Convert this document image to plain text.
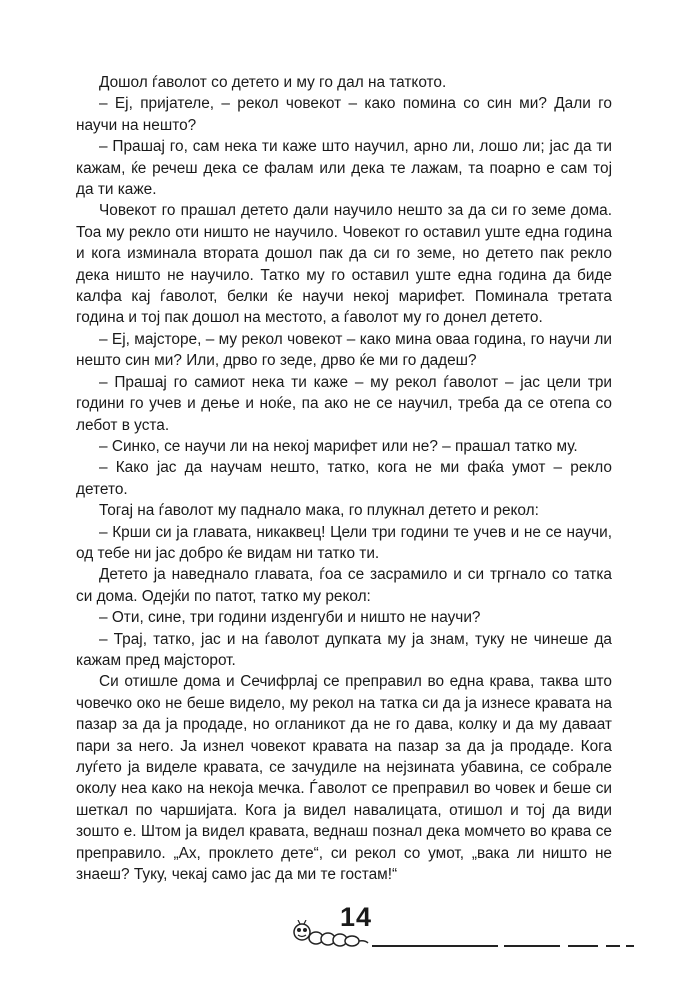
Дошол ѓаволот со детето и му го дал на таткото.

– Еј, пријателе, – рекол човекот – како помина со син ми? Дали го научи на нешто?

– Прашај го, сам нека ти каже што научил, арно ли, лошо ли; јас да ти кажам, ќе речеш дека се фалам или дека те лажам, та поарно е сам тој да ти каже.

Човекот го прашал детето дали научило нешто за да си го земе дома. Тоа му рекло оти ништо не научило. Човекот го оставил уште една година и кога изминала втората дошол пак да си го земе, но детето пак рекло дека ништо не научило. Татко му го оставил уште една година да биде калфа кај ѓаволот, белки ќе научи некој марифет. Поминала третата година и тој пак дошол на местото, а ѓаволот му го донел детето.

– Еј, мајсторе, – му рекол човекот – како мина оваа година, го научи ли нешто син ми? Или, дрво го зеде, дрво ќе ми го дадеш?

– Прашај го самиот нека ти каже – му рекол ѓаволот – јас цели три години го учев и дење и ноќе, па ако не се научил, треба да се отепа со лебот в уста.

– Синко, се научи ли на некој марифет или не? – прашал татко му.

– Како јас да научам нешто, татко, кога не ми фаќа умот – рекло детето.

Тогај на ѓаволот му паднало мака, го плукнал детето и рекол:

– Крши си ја главата, никаквец! Цели три години те учев и не се научи, од тебе ни јас добро ќе видам ни татко ти.

Детето ја наведнало главата, ѓоа се засрамило и си тргнало со татка си дома. Одејќи по патот, татко му рекол:

– Оти, сине, три години изденгуби и ништо не научи?

– Трај, татко, јас и на ѓаволот дупката му ја знам, туку не чинеше да кажам пред мајсторот.

Си отишле дома и Сечифрлај се преправил во една крава, таква што човечко око не беше видело, му рекол на татка си да ја изнесе кравата на пазар за да ја продаде, но огланикот да не го дава, колку и да му даваат пари за него. Ја изнел човекот кравата на пазар за да ја продаде. Кога луѓето ја виделе кравата, се зачудиле на нејзината убавина, се собрале околу неа како на некоја мечка. Ѓаволот се преправил во човек и беше си шеткал по чаршијата. Кога ја видел навалицата, отишол и тој да види зошто е. Штом ја видел кравата, веднаш познал дека момчето во крава се преправило. „Ах, проклето дете“, си рекол со умот, „вака ли ништо не знаеш? Туку, чекај само јас да ми те гостам!“

14
